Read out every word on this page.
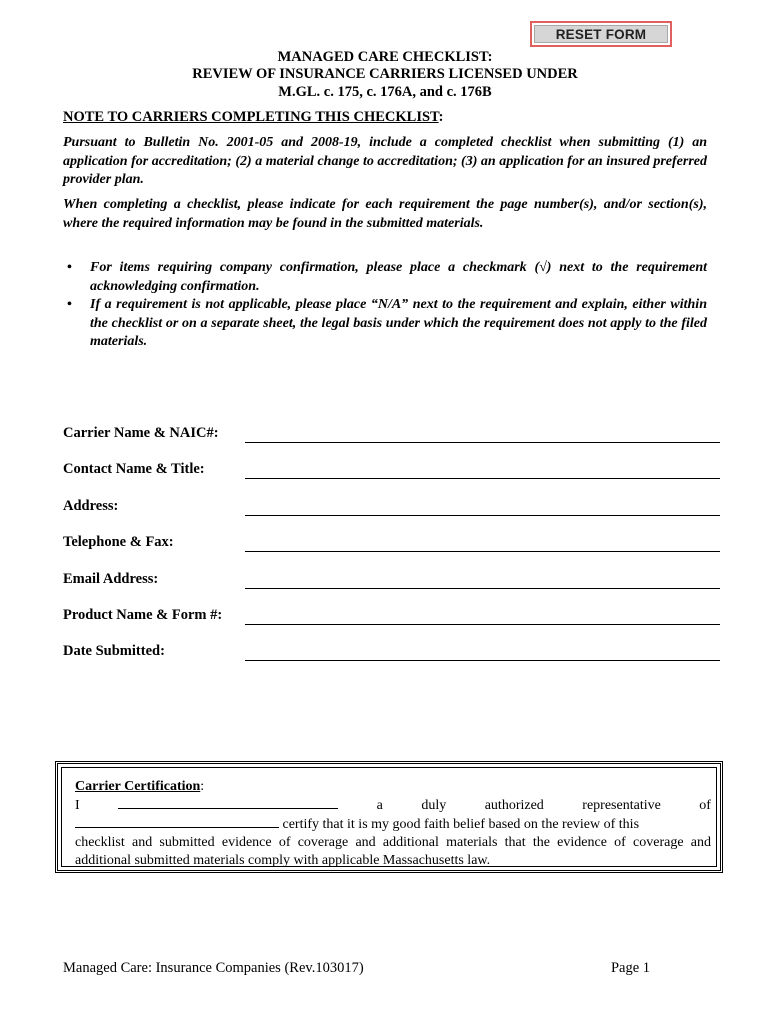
RESET FORM
MANAGED CARE CHECKLIST:
REVIEW OF INSURANCE CARRIERS LICENSED UNDER
M.GL. c. 175, c. 176A, and c. 176B
NOTE TO CARRIERS COMPLETING THIS CHECKLIST:
Pursuant to Bulletin No. 2001-05 and 2008-19, include a completed checklist when submitting (1) an application for accreditation; (2) a material change to accreditation; (3) an application for an insured preferred provider plan.
When completing a checklist, please indicate for each requirement the page number(s), and/or section(s), where the required information may be found in the submitted materials.
• For items requiring company confirmation, please place a checkmark (√) next to the requirement acknowledging confirmation.
• If a requirement is not applicable, please place “N/A” next to the requirement and explain, either within the checklist or on a separate sheet, the legal basis under which the requirement does not apply to the filed materials.
Carrier Name & NAIC#:
Contact Name & Title:
Address:
Telephone & Fax:
Email Address:
Product Name & Form #:
Date Submitted:
Carrier Certification:
I	a	duly	authorized	representative	of
certify that it is my good faith belief based on the review of this
checklist and submitted evidence of coverage and additional materials that the evidence of coverage and additional submitted materials comply with applicable Massachusetts law.
Managed Care: Insurance Companies (Rev.103017)	Page 1
